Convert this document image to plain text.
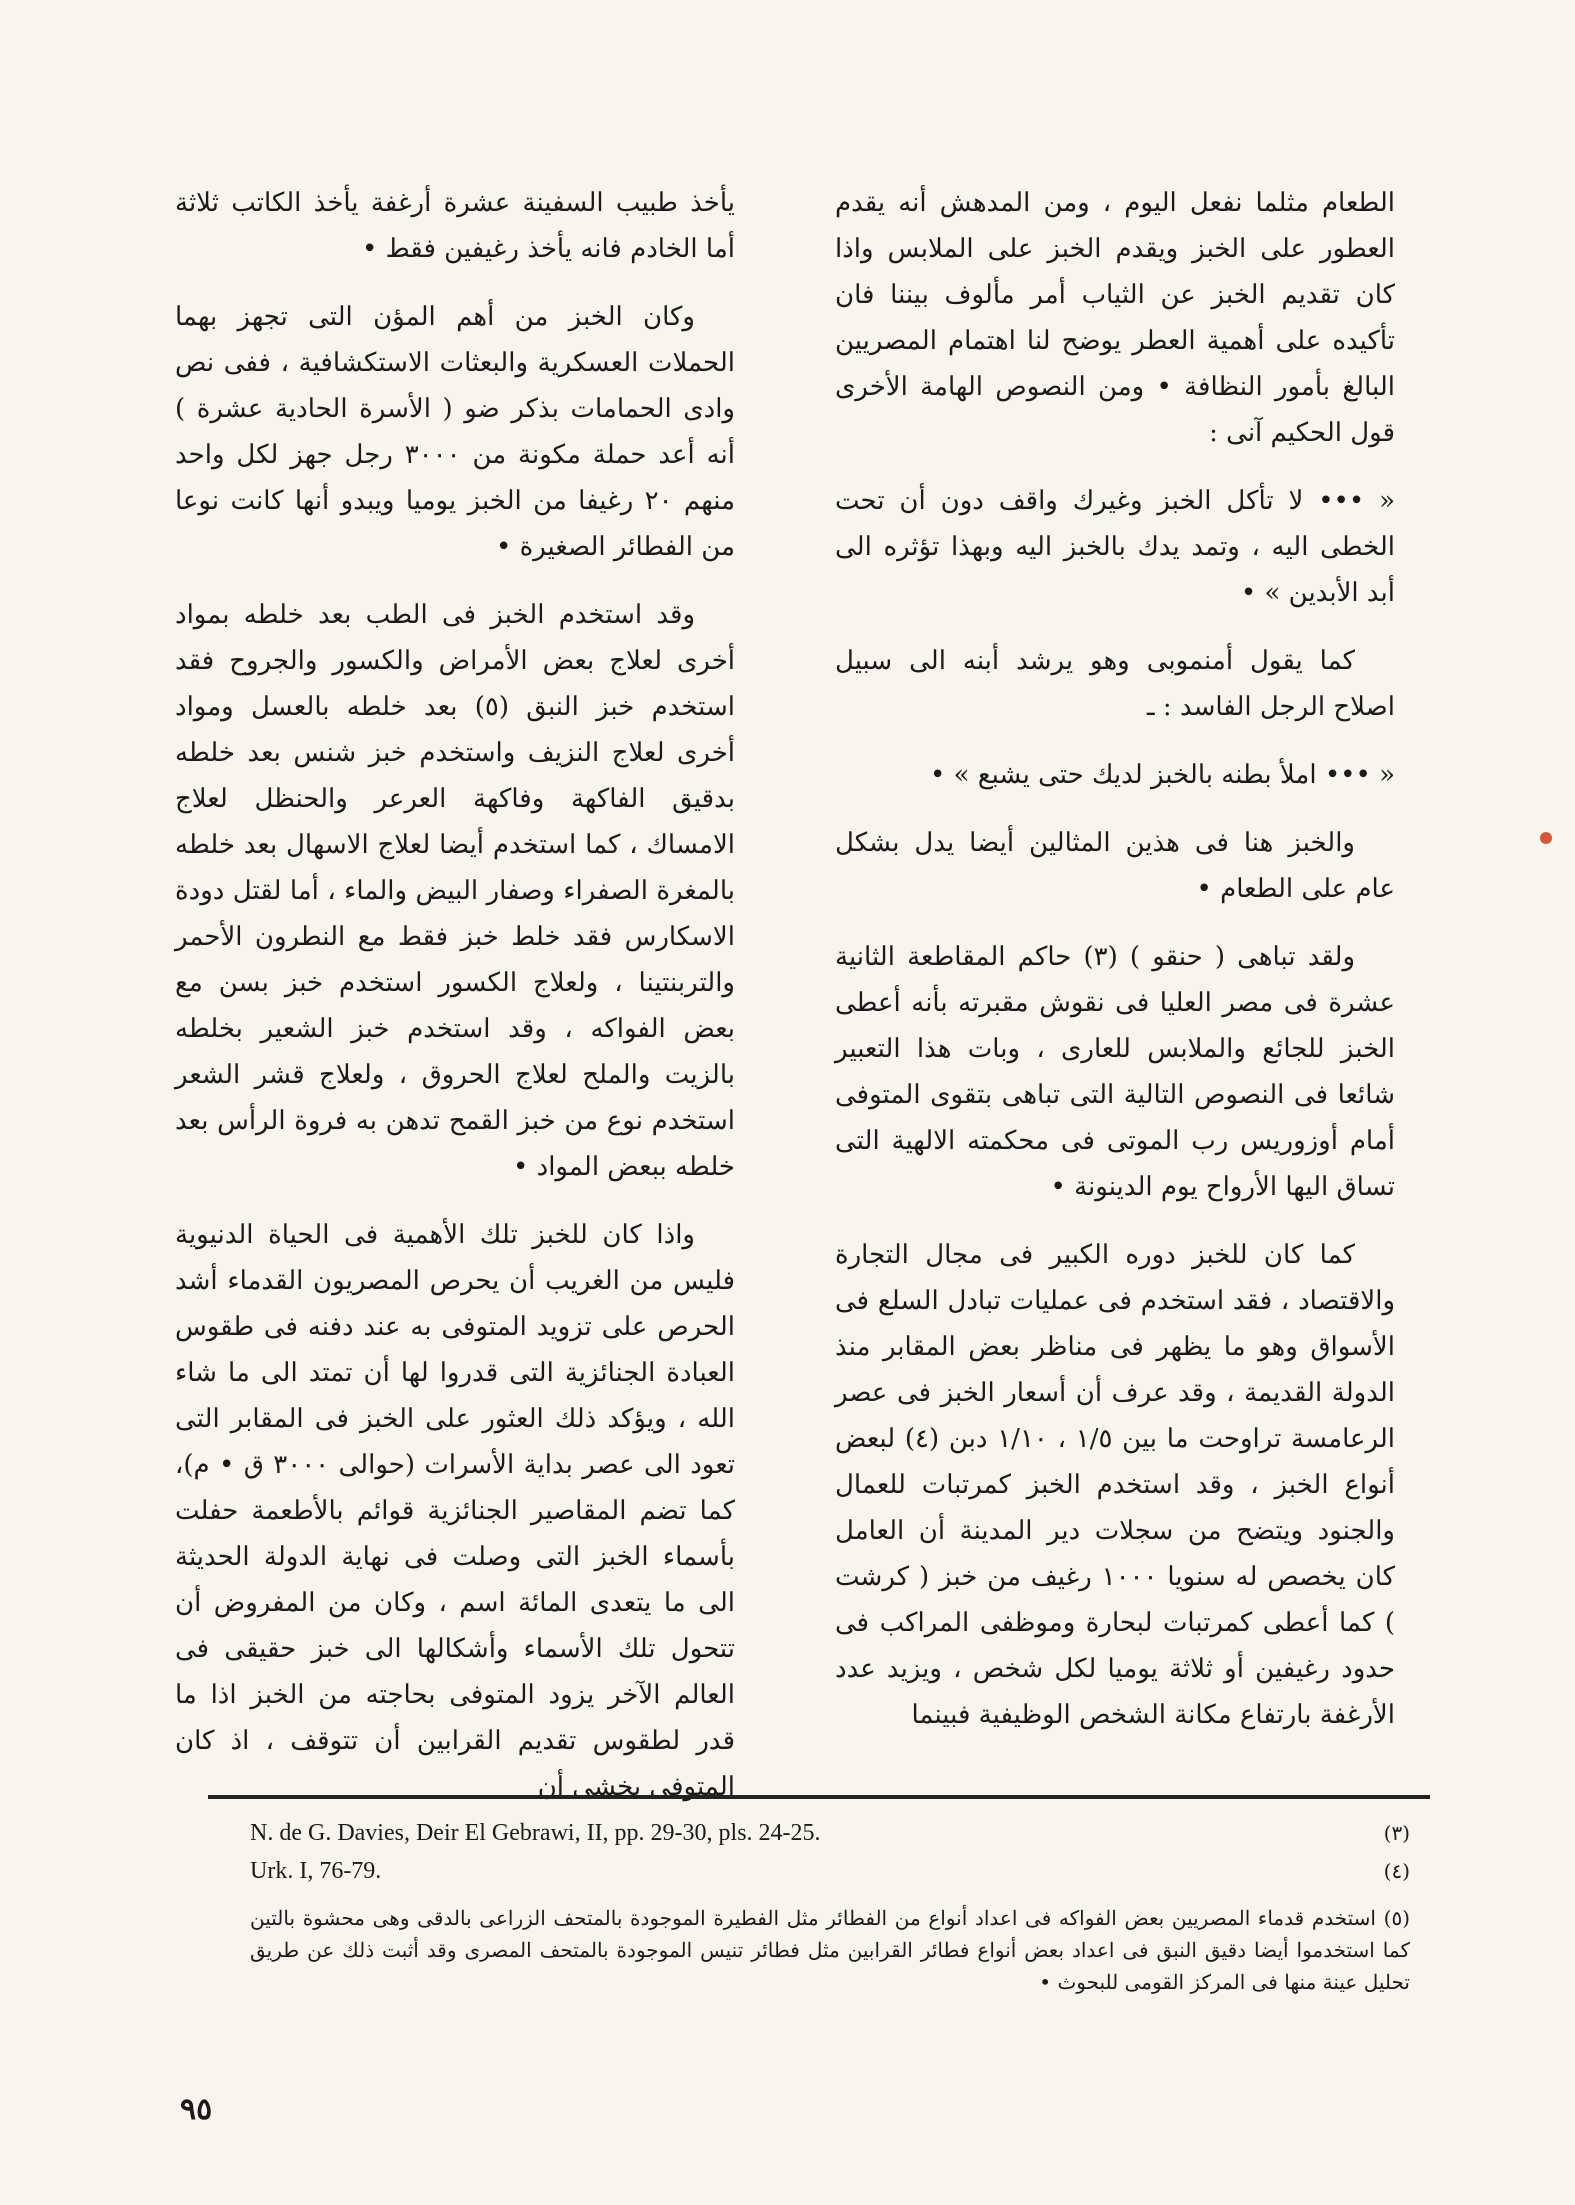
الطعام مثلما نفعل اليوم ، ومن المدهش أنه يقدم العطور على الخبز ويقدم الخبز على الملابس واذا كان تقديم الخبز عن الثياب أمر مألوف بيننا فان تأكيده على أهمية العطر يوضح لنا اهتمام المصريين البالغ بأمور النظافة • ومن النصوص الهامة الأخرى قول الحكيم آنى :

« ••• لا تأكل الخبز وغيرك واقف دون أن تحت الخطى اليه ، وتمد يدك بالخبز اليه وبهذا تؤثره الى أبد الأبدين » •

كما يقول أمنموبى وهو يرشد أبنه الى سبيل اصلاح الرجل الفاسد : ـ

« ••• املأ بطنه بالخبز لديك حتى يشبع » •

والخبز هنا فى هذين المثالين أيضا يدل بشكل عام على الطعام •

ولقد تباهى ( حنقو ) (٣) حاكم المقاطعة الثانية عشرة فى مصر العليا فى نقوش مقبرته بأنه أعطى الخبز للجائع والملابس للعارى ، وبات هذا التعبير شائعا فى النصوص التالية التى تباهى بتقوى المتوفى أمام أوزوريس رب الموتى فى محكمته الالهية التى تساق اليها الأرواح يوم الدينونة •

كما كان للخبز دوره الكبير فى مجال التجارة والاقتصاد ، فقد استخدم فى عمليات تبادل السلع فى الأسواق وهو ما يظهر فى مناظر بعض المقابر منذ الدولة القديمة ، وقد عرف أن أسعار الخبز فى عصر الرعامسة تراوحت ما بين ١/٥ ، ١/١٠ دبن (٤) لبعض أنواع الخبز ، وقد استخدم الخبز كمرتبات للعمال والجنود ويتضح من سجلات دير المدينة أن العامل كان يخصص له سنويا ١٠٠٠ رغيف من خبز ( كرشت ) كما أعطى كمرتبات لبحارة وموظفى المراكب فى حدود رغيفين أو ثلاثة يوميا لكل شخص ، ويزيد عدد الأرغفة بارتفاع مكانة الشخص الوظيفية فبينما

يأخذ طبيب السفينة عشرة أرغفة يأخذ الكاتب ثلاثة أما الخادم فانه يأخذ رغيفين فقط •

وكان الخبز من أهم المؤن التى تجهز بهما الحملات العسكرية والبعثات الاستكشافية ، ففى نص وادى الحمامات بذكر ضو ( الأسرة الحادية عشرة ) أنه أعد حملة مكونة من ٣٠٠٠ رجل جهز لكل واحد منهم ٢٠ رغيفا من الخبز يوميا ويبدو أنها كانت نوعا من الفطائر الصغيرة •

وقد استخدم الخبز فى الطب بعد خلطه بمواد أخرى لعلاج بعض الأمراض والكسور والجروح فقد استخدم خبز النبق (٥) بعد خلطه بالعسل ومواد أخرى لعلاج النزيف واستخدم خبز شنس بعد خلطه بدقيق الفاكهة وفاكهة العرعر والحنظل لعلاج الامساك ، كما استخدم أيضا لعلاج الاسهال بعد خلطه بالمغرة الصفراء وصفار البيض والماء ، أما لقتل دودة الاسكارس فقد خلط خبز فقط مع النطرون الأحمر والتربنتينا ، ولعلاج الكسور استخدم خبز بسن مع بعض الفواكه ، وقد استخدم خبز الشعير بخلطه بالزيت والملح لعلاج الحروق ، ولعلاج قشر الشعر استخدم نوع من خبز القمح تدهن به فروة الرأس بعد خلطه ببعض المواد •

واذا كان للخبز تلك الأهمية فى الحياة الدنيوية فليس من الغريب أن يحرص المصريون القدماء أشد الحرص على تزويد المتوفى به عند دفنه فى طقوس العبادة الجنائزية التى قدروا لها أن تمتد الى ما شاء الله ، ويؤكد ذلك العثور على الخبز فى المقابر التى تعود الى عصر بداية الأسرات (حوالى ٣٠٠٠ ق • م)، كما تضم المقاصير الجنائزية قوائم بالأطعمة حفلت بأسماء الخبز التى وصلت فى نهاية الدولة الحديثة الى ما يتعدى المائة اسم ، وكان من المفروض أن تتحول تلك الأسماء وأشكالها الى خبز حقيقى فى العالم الآخر يزود المتوفى بحاجته من الخبز اذا ما قدر لطقوس تقديم القرابين أن تتوقف ، اذ كان المتوفى يخشى أن

N. de G. Davies, Deir El Gebrawi, II, pp. 29-30, pls. 24-25.	(٣)
Urk. I, 76-79.	(٤)
(٥) استخدم قدماء المصريين بعض الفواكه فى اعداد أنواع من الفطائر مثل الفطيرة الموجودة بالمتحف الزراعى بالدقى وهى محشوة بالتين كما استخدموا أيضا دقيق النبق فى اعداد بعض أنواع فطائر القرابين مثل فطائر تنيس الموجودة بالمتحف المصرى وقد أثبت ذلك عن طريق تحليل عينة منها فى المركز القومى للبحوث •
٩٥
